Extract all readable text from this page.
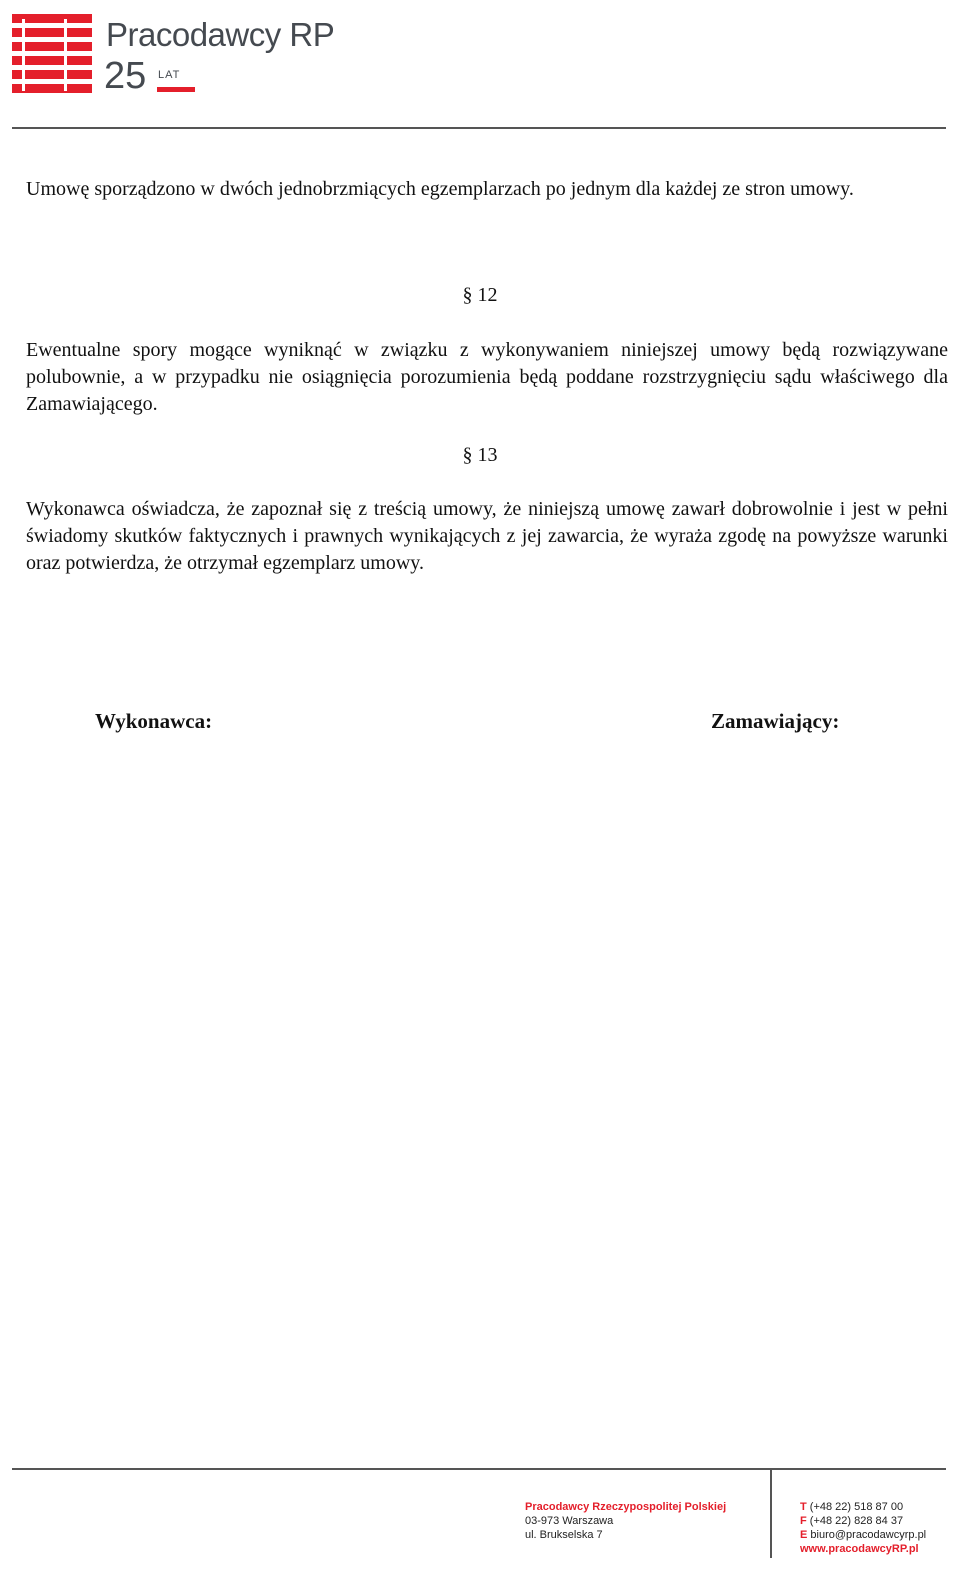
Pracodawcy RP
25 LAT
Umowę sporządzono w dwóch jednobrzmiących egzemplarzach po jednym dla każdej ze stron umowy.
§ 12
Ewentualne spory mogące wyniknąć w związku z wykonywaniem niniejszej umowy będą rozwiązywane polubownie, a w przypadku nie osiągnięcia porozumienia będą poddane rozstrzygnięciu sądu właściwego dla Zamawiającego.
§ 13
Wykonawca oświadcza, że zapoznał się z treścią umowy, że niniejszą umowę zawarł dobrowolnie i jest w pełni świadomy skutków faktycznych i prawnych wynikających z jej zawarcia, że wyraża zgodę na powyższe warunki oraz potwierdza, że otrzymał egzemplarz umowy.
Wykonawca:	Zamawiający:
Pracodawcy Rzeczypospolitej Polskiej
03-973 Warszawa
ul. Brukselska 7
T (+48 22) 518 87 00
F (+48 22) 828 84 37
E biuro@pracodawcyrp.pl
www.pracodawcyRP.pl
